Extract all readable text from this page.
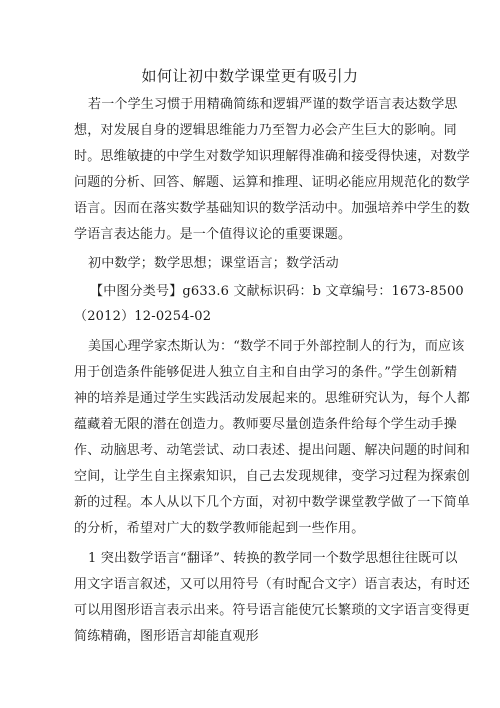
如何让初中数学课堂更有吸引力
若一个学生习惯于用精确简练和逻辑严谨的数学语言表达数学思
想，对发展自身的逻辑思维能力乃至智力必会产生巨大的影响。同
时。思维敏捷的中学生对数学知识理解得准确和接受得快速，对数学
问题的分析、回答、解题、运算和推理、证明必能应用规范化的数学
语言。因而在落实数学基础知识的数学活动中。加强培养中学生的数
学语言表达能力。是一个值得议论的重要课题。
初中数学；数学思想；课堂语言；数学活动
【中图分类号】g633.6 文献标识码：b 文章编号：1673-8500
（2012）12-0254-02
美国心理学家杰斯认为：“数学不同于外部控制人的行为，而应该
用于创造条件能够促进人独立自主和自由学习的条件。”学生创新精
神的培养是通过学生实践活动发展起来的。思维研究认为，每个人都
蕴藏着无限的潜在创造力。教师要尽量创造条件给每个学生动手操
作、动脑思考、动笔尝试、动口表述、提出问题、解决问题的时间和
空间，让学生自主探索知识，自己去发现规律，变学习过程为探索创
新的过程。本人从以下几个方面，对初中数学课堂教学做了一下简单
的分析，希望对广大的数学教师能起到一些作用。
1 突出数学语言“翻译”、转换的教学同一个数学思想往往既可以
用文字语言叙述，又可以用符号（有时配合文字）语言表达，有时还
可以用图形语言表示出来。符号语言能使冗长繁琐的文字语言变得更
简练精确，图形语言却能直观形
